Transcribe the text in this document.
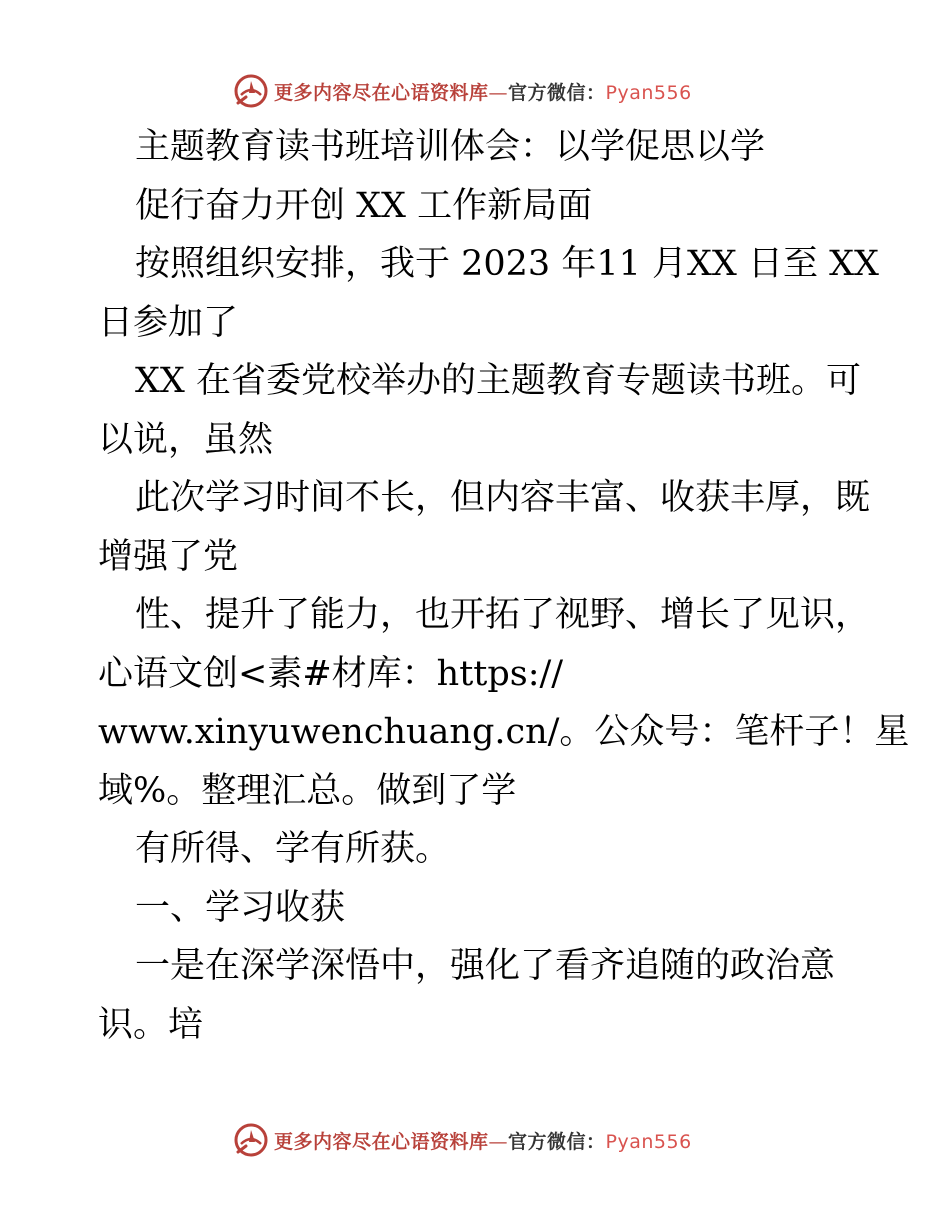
更多内容尽在心语资料库—官方微信：Pyan556
主题教育读书班培训体会：以学促思以学
促行奋力开创 XX 工作新局面
按照组织安排，我于 2023 年11 月XX 日至 XX
日参加了
XX 在省委党校举办的主题教育专题读书班。可
以说，虽然
此次学习时间不长，但内容丰富、收获丰厚，既
增强了党
性、提升了能力，也开拓了视野、增长了见识，
心语文创<素#材库：https://
www.xinyuwenchuang.cn/。公众号：笔杆子！星
域%。整理汇总。做到了学
有所得、学有所获。
一、学习收获
一是在深学深悟中，强化了看齐追随的政治意
识。培
更多内容尽在心语资料库—官方微信：Pyan556
